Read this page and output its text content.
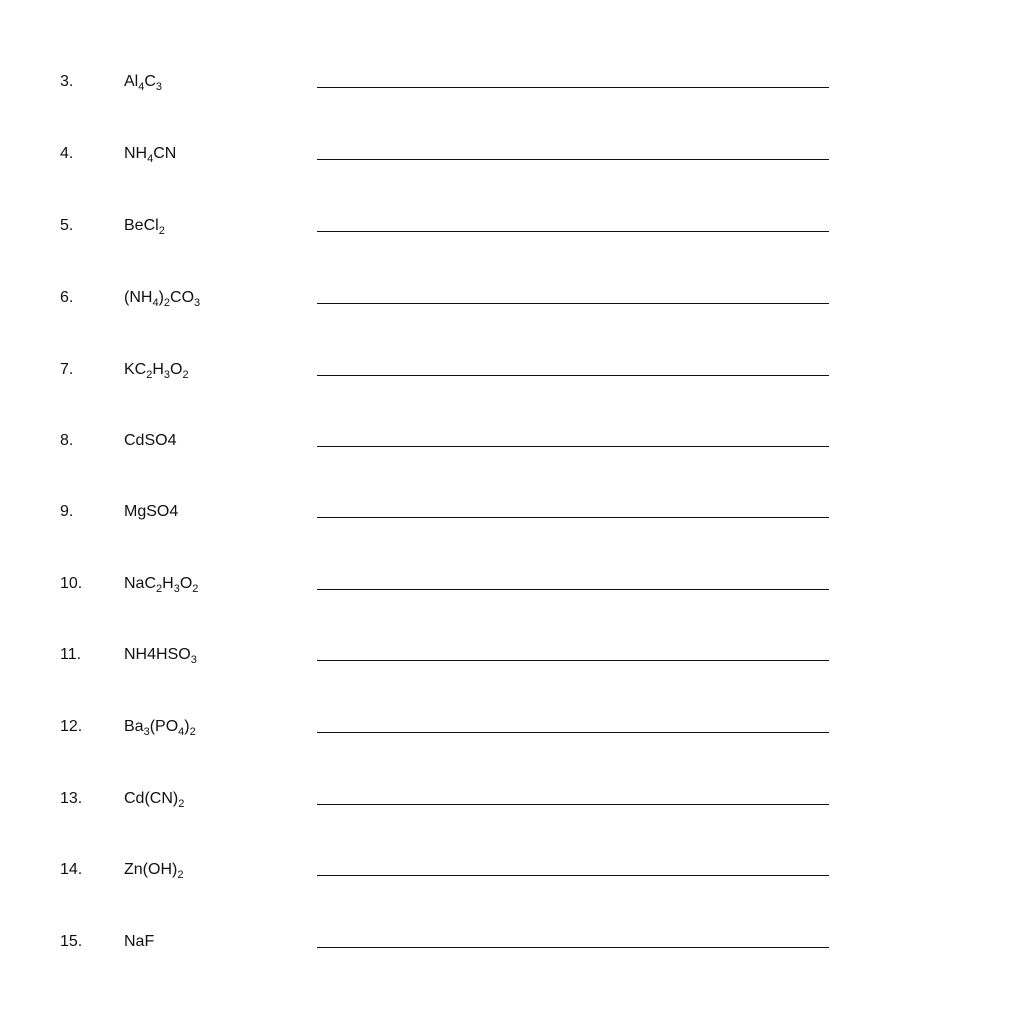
3.	$Al_4C_3$
4.	$NH_4CN$
5.	BeCl$_2$
6.	$(NH_4)_2CO_3$
7.	$KC_2H_3O_2$
8.	CdSO4
9.	MgSO4
10.	$NaC_2H_3O_2$
11.	$NH4HSO_3$
12.	$Ba_3(PO_4)_2$
13.	$Cd(CN)_2$
14.	$Zn(OH)_2$
15.	NaF
